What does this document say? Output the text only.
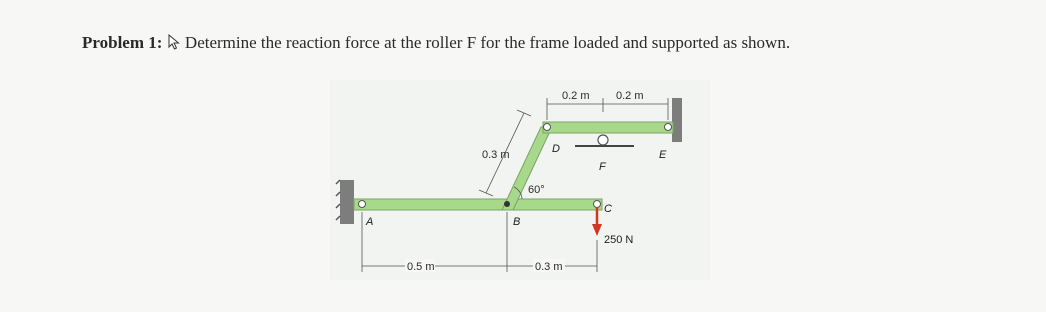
Problem 1: Determine the reaction force at the roller F for the frame loaded and supported as shown.
0.2 m 0.2 m
0.3 m
60°
0.5 m	0.3 m
A	B
C
D	E
F
250 N
